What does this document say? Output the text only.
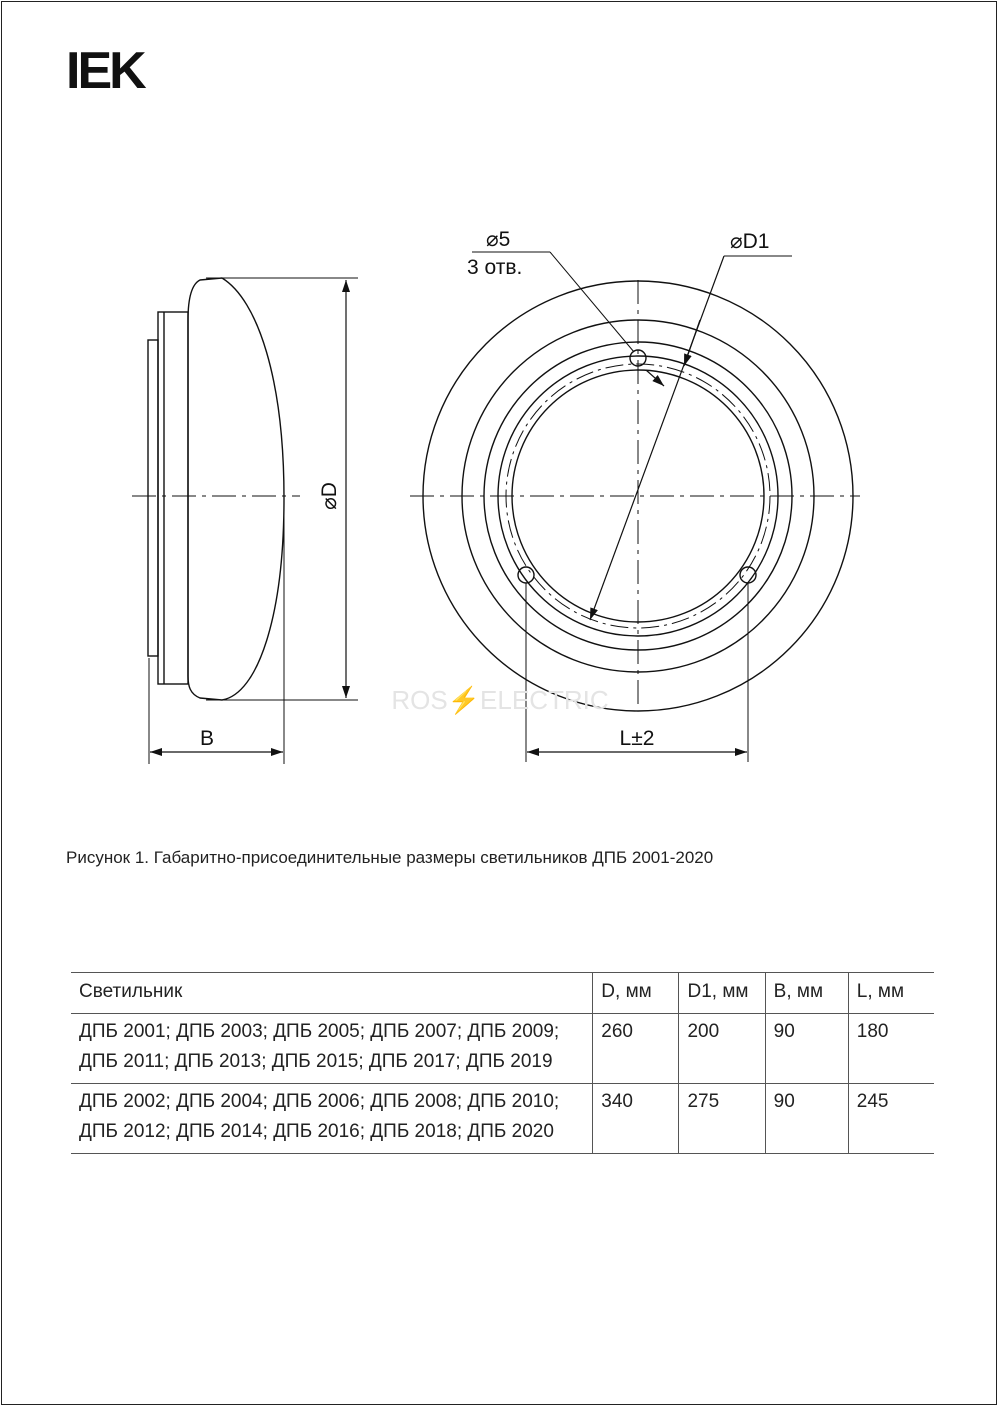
IEK
⌀D
B
⌀5
3 отв.
⌀D1
L±2
ROS⚡ELECTRIC
Рисунок 1. Габаритно-присоединительные размеры светильников ДПБ 2001-2020
Светильник	D, мм	D1, мм	B, мм	L, мм

ДПБ 2001; ДПБ 2003; ДПБ 2005; ДПБ 2007; ДПБ 2009;
ДПБ 2011; ДПБ 2013; ДПБ 2015; ДПБ 2017; ДПБ 2019	260	200	90	180

ДПБ 2002; ДПБ 2004; ДПБ 2006; ДПБ 2008; ДПБ 2010;
ДПБ 2012; ДПБ 2014; ДПБ 2016; ДПБ 2018; ДПБ 2020	340	275	90	245
